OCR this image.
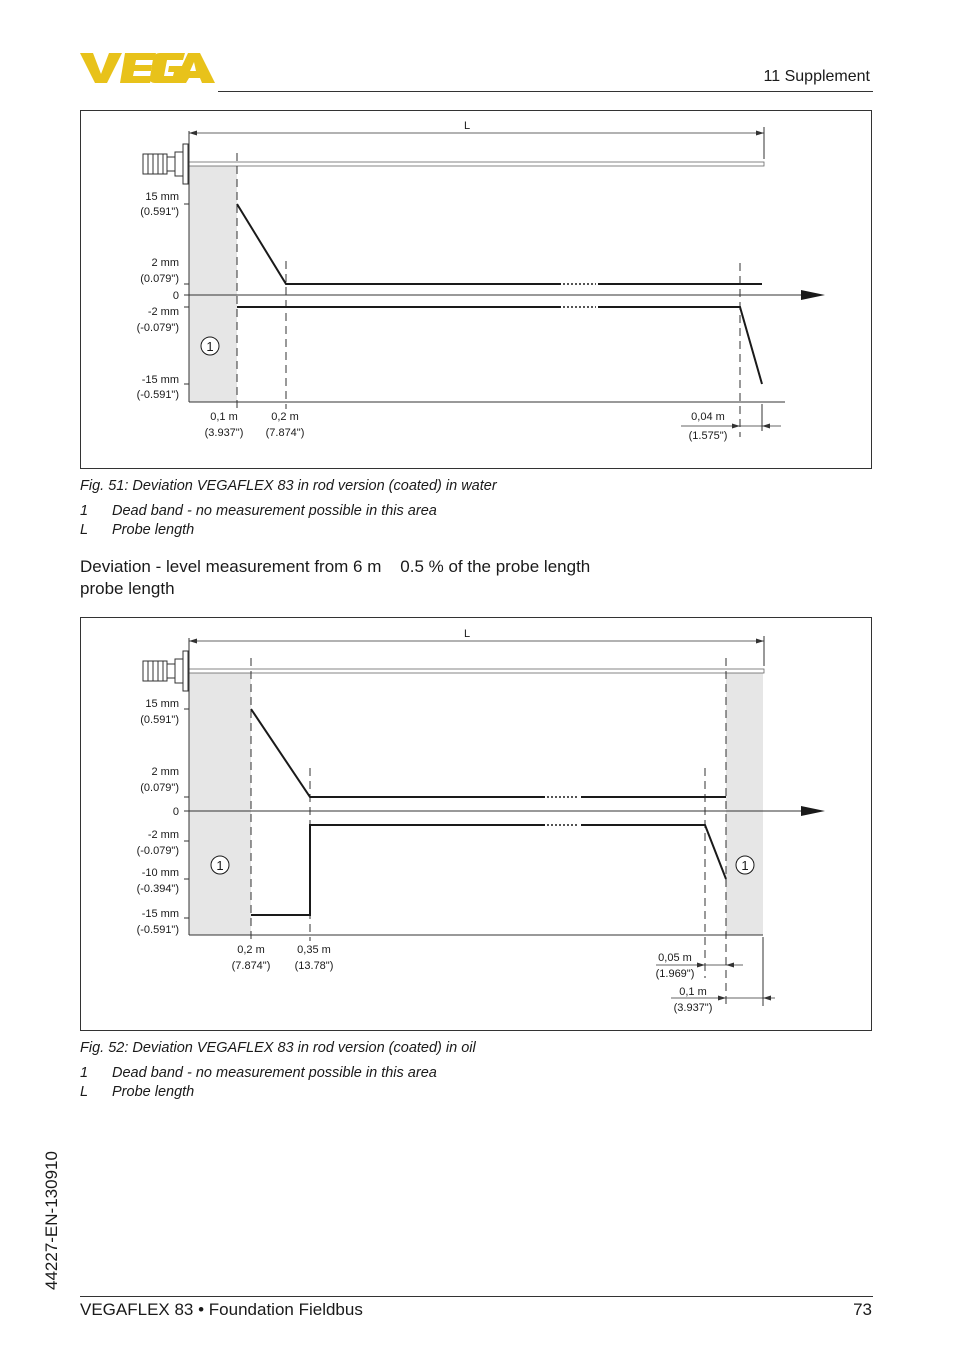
11 Supplement
L
15 mm
(0.591")
2 mm
(0.079")
0
-2 mm
(-0.079")
-15 mm
(-0.591")
1
0,1 m
(3.937")
0,2 m
(7.874")
0,04 m
(1.575")
Fig. 51: Deviation VEGAFLEX 83 in rod version (coated) in water
1 Dead band - no measurement possible in this area
L Probe length
Deviation - level measurement from 6 m    0.5 % of the probe length
probe length
L
15 mm
(0.591")
2 mm
(0.079")
0
-2 mm
(-0.079")
-10 mm
(-0.394")
-15 mm
(-0.591")
1	1
0,2 m
(7.874")
0,35 m
(13.78")
0,05 m
(1.969")
0,1 m
(3.937")
Fig. 52: Deviation VEGAFLEX 83 in rod version (coated) in oil
1 Dead band - no measurement possible in this area
L Probe length
44227-EN-130910
VEGAFLEX 83 • Foundation Fieldbus	73
